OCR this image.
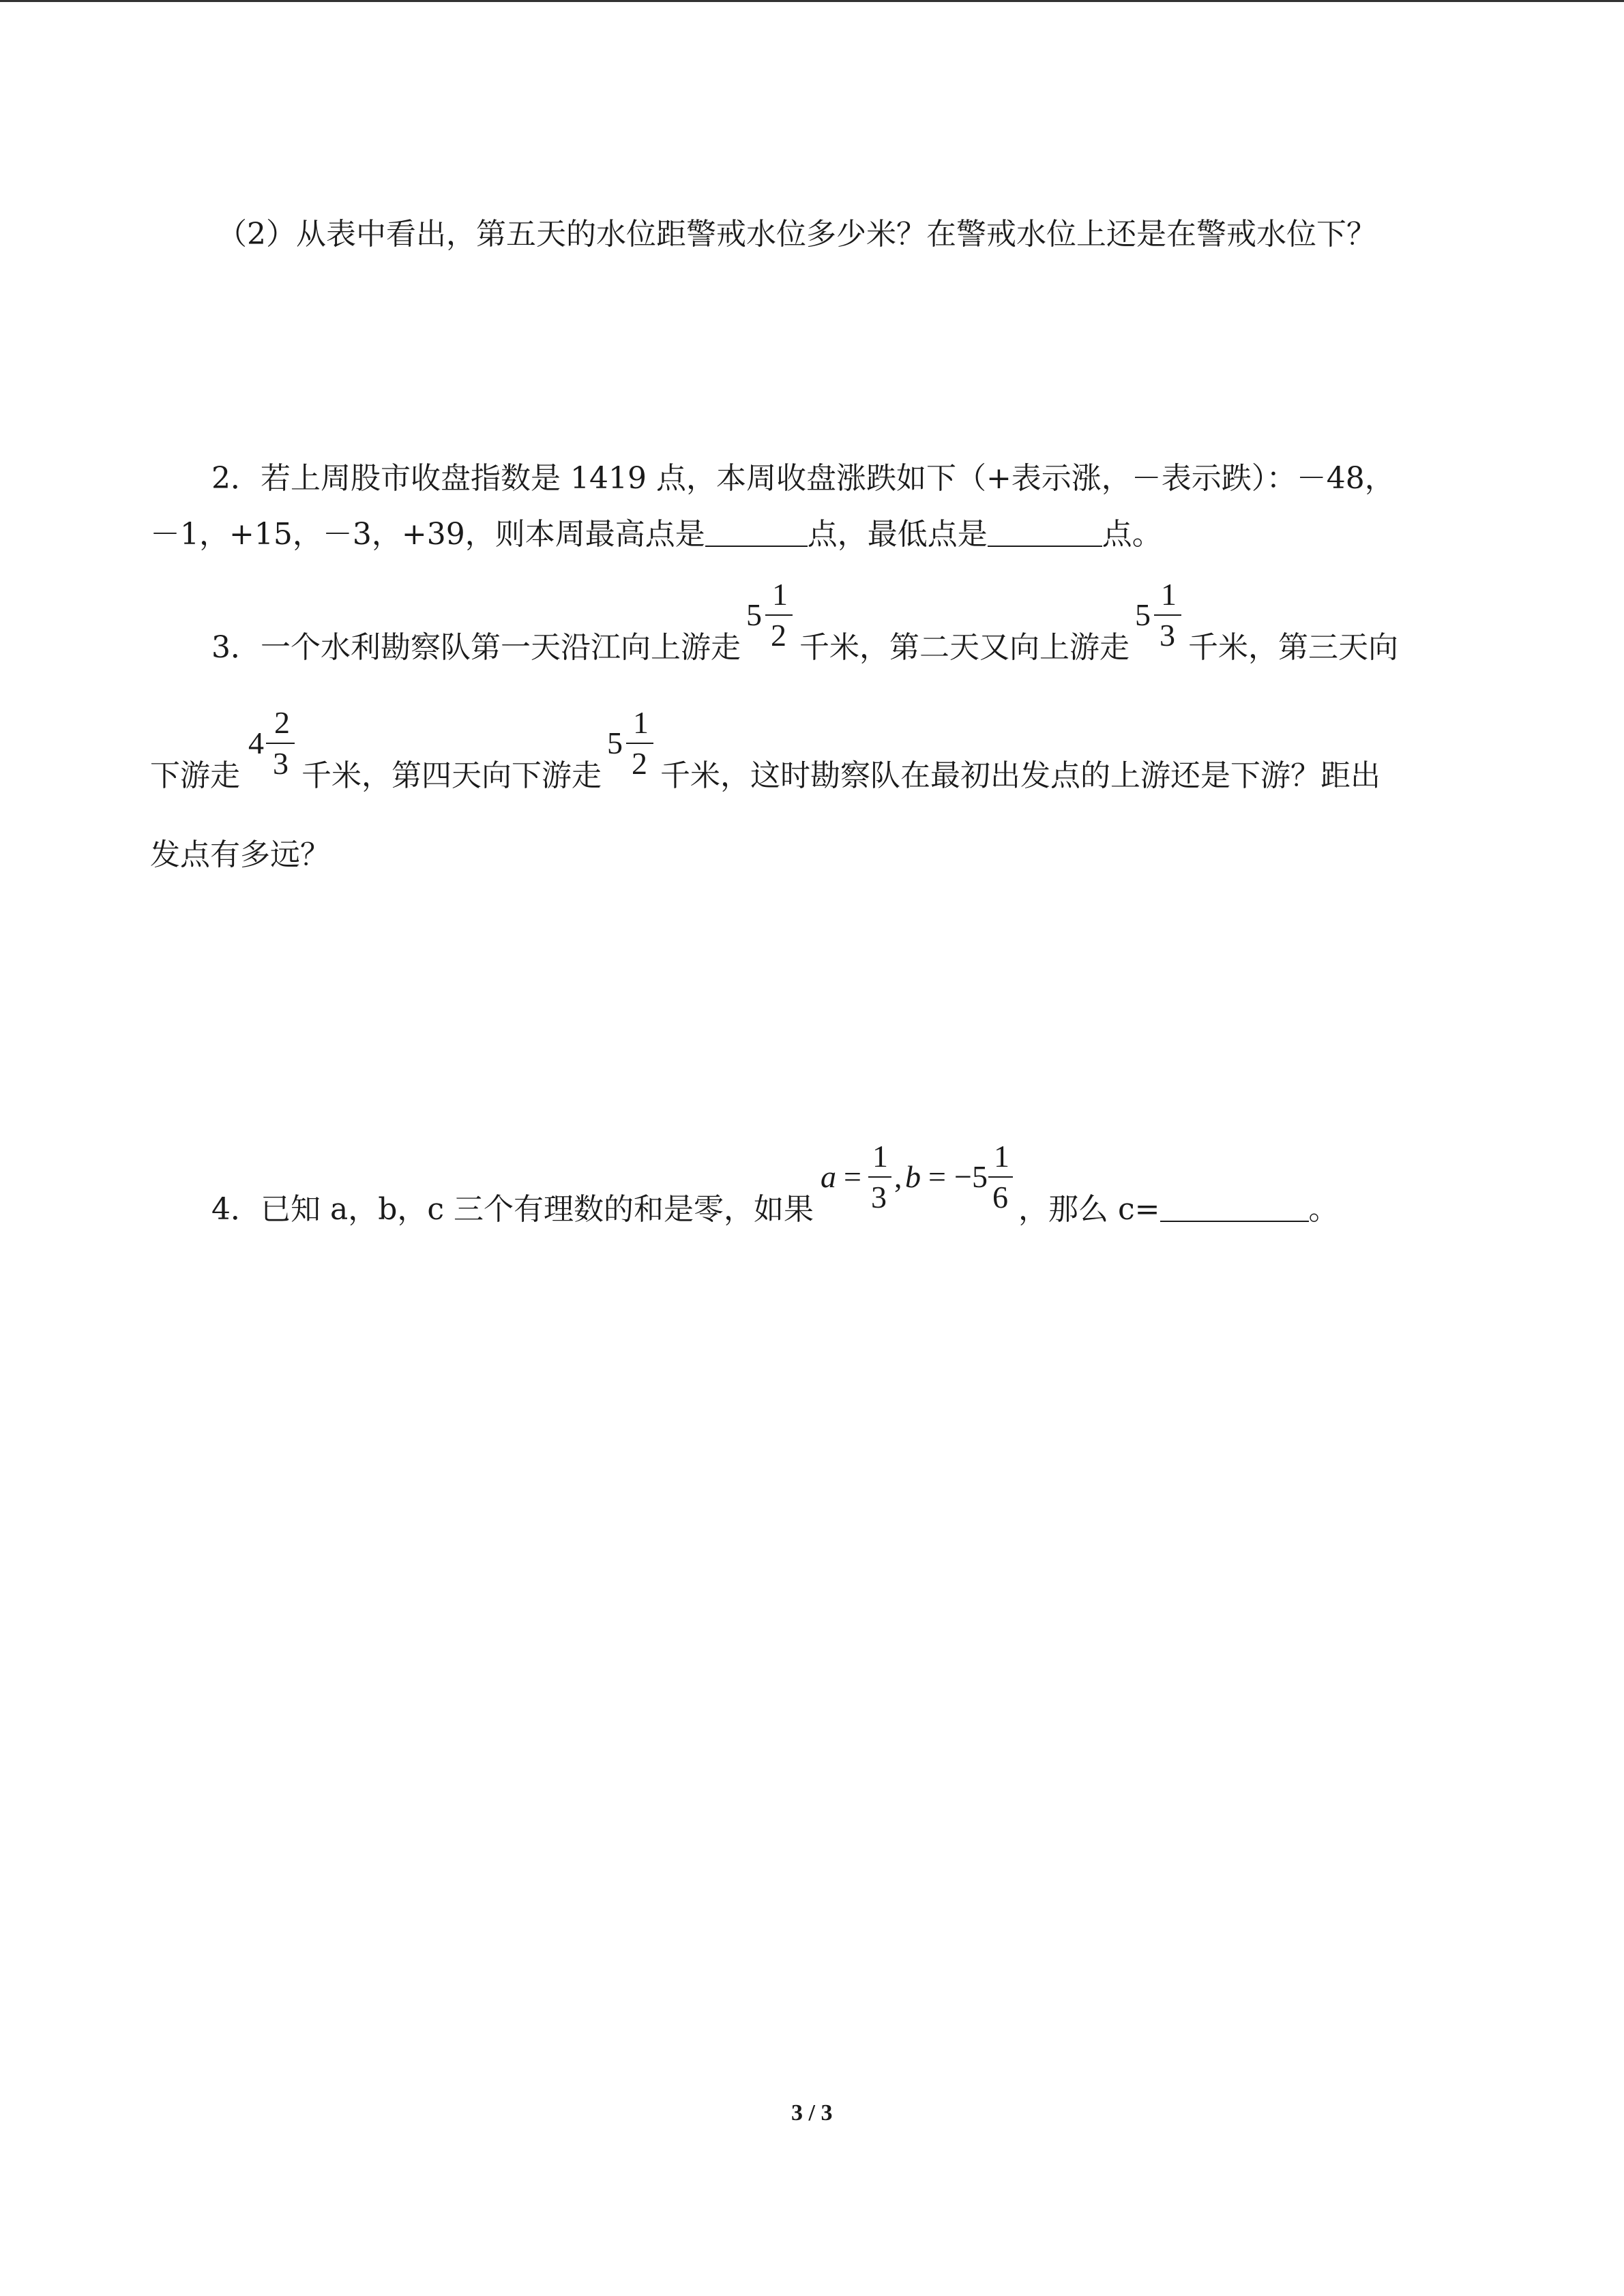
（2）从表中看出，第五天的水位距警戒水位多少米？在警戒水位上还是在警戒水位下？
2．若上周股市收盘指数是 1419 点，本周收盘涨跌如下（+表示涨，－表示跌）：－48，
－1，+15，－3，+39，则本周最高点是	点，最低点是	点。
3．一个水利勘察队第一天沿江向上游走
5
1
2 千米，第二天又向上游走
5
1
3 千米，第三天向
下游走
4
2
3 千米，第四天向下游走
5
1
2 千米，这时勘察队在最初出发点的上游还是下游？距出
发点有多远？
4．已知 a，b，c 三个有理数的和是零，如果
a =
1
3
, b = − 5
1
6 ，那么 c=	。
3 / 3
